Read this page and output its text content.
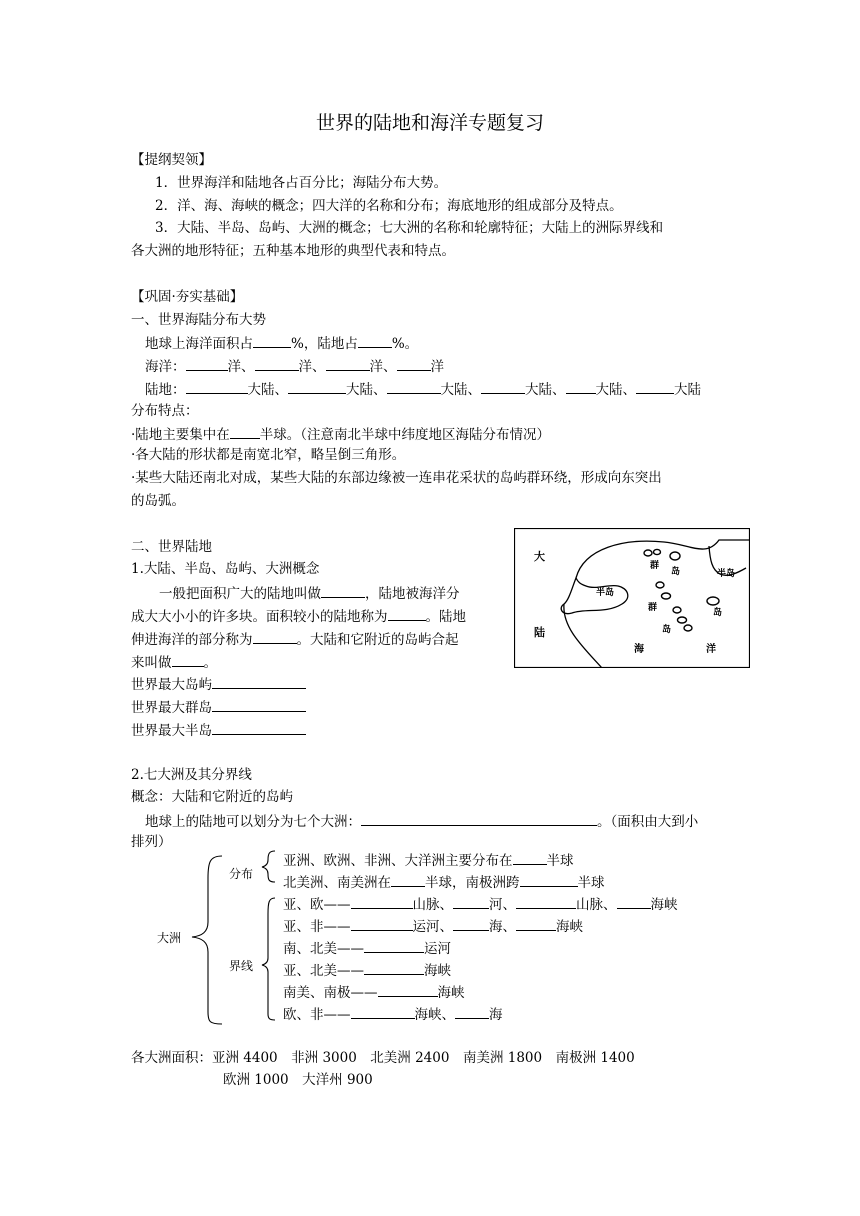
世界的陆地和海洋专题复习
【提纲契领】
1．世界海洋和陆地各占百分比；海陆分布大势。
2．洋、海、海峡的概念；四大洋的名称和分布；海底地形的组成部分及特点。
3．大陆、半岛、岛屿、大洲的概念；七大洲的名称和轮廓特征；大陆上的洲际界线和
各大洲的地形特征；五种基本地形的典型代表和特点。
【巩固·夯实基础】
一、世界海陆分布大势
地球上海洋面积占	%，陆地占	%。
海洋：	洋、	洋、	洋、	洋
陆地：	大陆、	大陆、	大陆、	大陆、 大陆、	大陆
分布特点：
·陆地主要集中在 半球。（注意南北半球中纬度地区海陆分布情况）
·各大陆的形状都是南宽北窄，略呈倒三角形。
·某些大陆还南北对成，某些大陆的东部边缘被一连串花采状的岛屿群环绕，形成向东突出
的岛弧。
二、世界陆地
1.大陆、半岛、岛屿、大洲概念
一般把面积广大的陆地叫做	，陆地被海洋分
成大大小小的许多块。面积较小的陆地称为	。陆地
伸进海洋的部分称为	。大陆和它附近的岛屿合起
来叫做 。
世界最大岛屿
世界最大群岛
世界最大半岛
大
陆
半岛
半岛
群
岛
岛
群
岛
海	洋
2.七大洲及其分界线
概念：大陆和它附近的岛屿
地球上的陆地可以划分为七个大洲：	。（面积由大到小
排列）
大洲
分布
界线
亚洲、欧洲、非洲、大洋洲主要分布在	半球
北美洲、南美洲在	半球，南极洲跨	半球
亚、欧——	山脉、	河、	山脉、	海峡
亚、非——	运河、	海、	海峡
南、北美——	运河
亚、北美——	海峡
南美、南极——	海峡
欧、非——	海峡、	海
各大洲面积：亚洲 4400　非洲 3000　北美洲 2400　南美洲 1800　南极洲 1400
欧洲 1000　大洋州 900
